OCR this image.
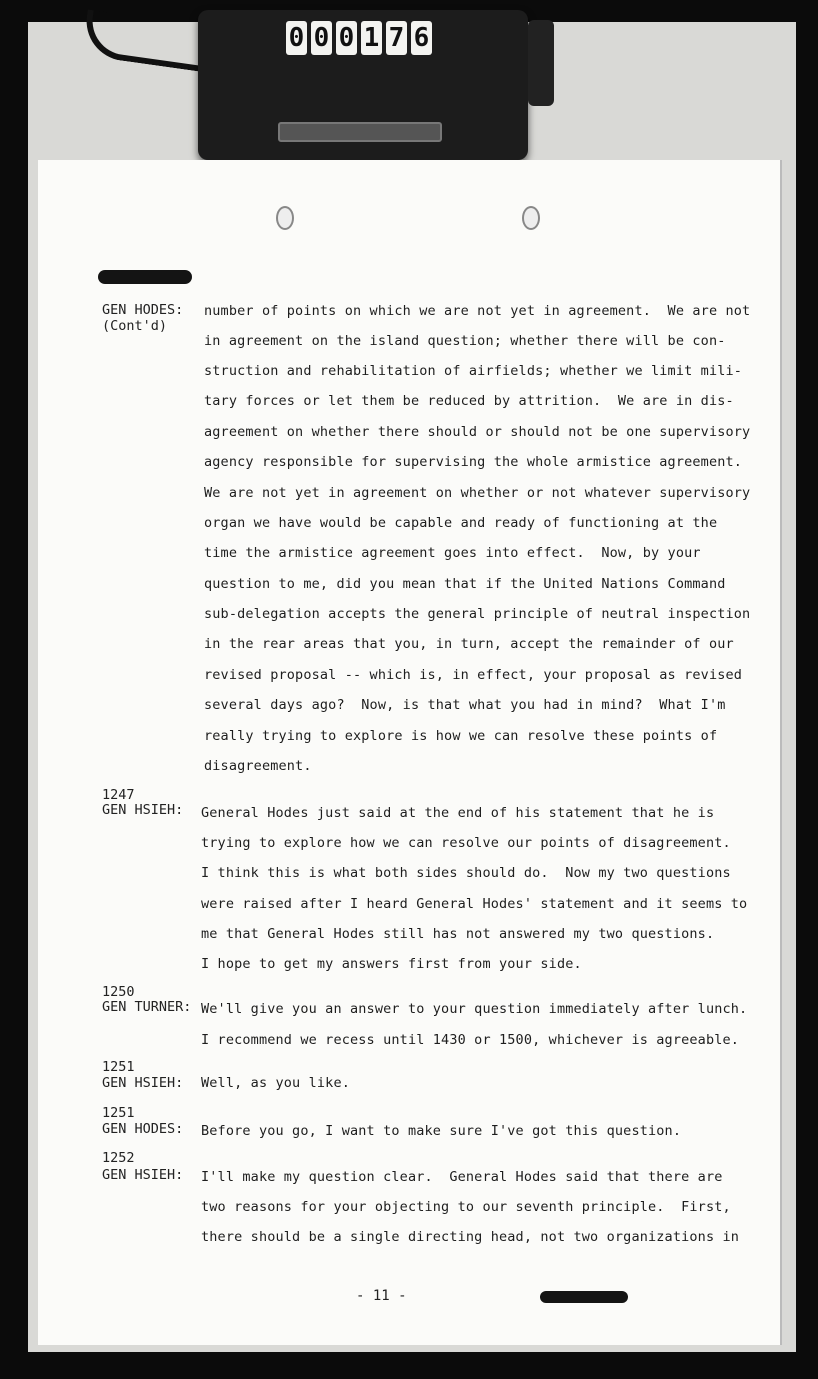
0 0 0 1 7 6
GEN HODES:
(Cont'd)
number of points on which we are not yet in agreement.  We are not
in agreement on the island question; whether there will be con-
struction and rehabilitation of airfields; whether we limit mili-
tary forces or let them be reduced by attrition.  We are in dis-
agreement on whether there should or should not be one supervisory
agency responsible for supervising the whole armistice agreement.
We are not yet in agreement on whether or not whatever supervisory
organ we have would be capable and ready of functioning at the
time the armistice agreement goes into effect.  Now, by your
question to me, did you mean that if the United Nations Command
sub-delegation accepts the general principle of neutral inspection
in the rear areas that you, in turn, accept the remainder of our
revised proposal -- which is, in effect, your proposal as revised
several days ago?  Now, is that what you had in mind?  What I'm
really trying to explore is how we can resolve these points of
disagreement.
1247
GEN HSIEH: General Hodes just said at the end of his statement that he is
trying to explore how we can resolve our points of disagreement.
I think this is what both sides should do.  Now my two questions
were raised after I heard General Hodes' statement and it seems to
me that General Hodes still has not answered my two questions.
I hope to get my answers first from your side.
1250
GEN TURNER: We'll give you an answer to your question immediately after lunch.
I recommend we recess until 1430 or 1500, whichever is agreeable.
1251
GEN HSIEH: Well, as you like.
1251
GEN HODES: Before you go, I want to make sure I've got this question.
1252
GEN HSIEH: I'll make my question clear.  General Hodes said that there are
two reasons for your objecting to our seventh principle.  First,
there should be a single directing head, not two organizations in
- 11 -
